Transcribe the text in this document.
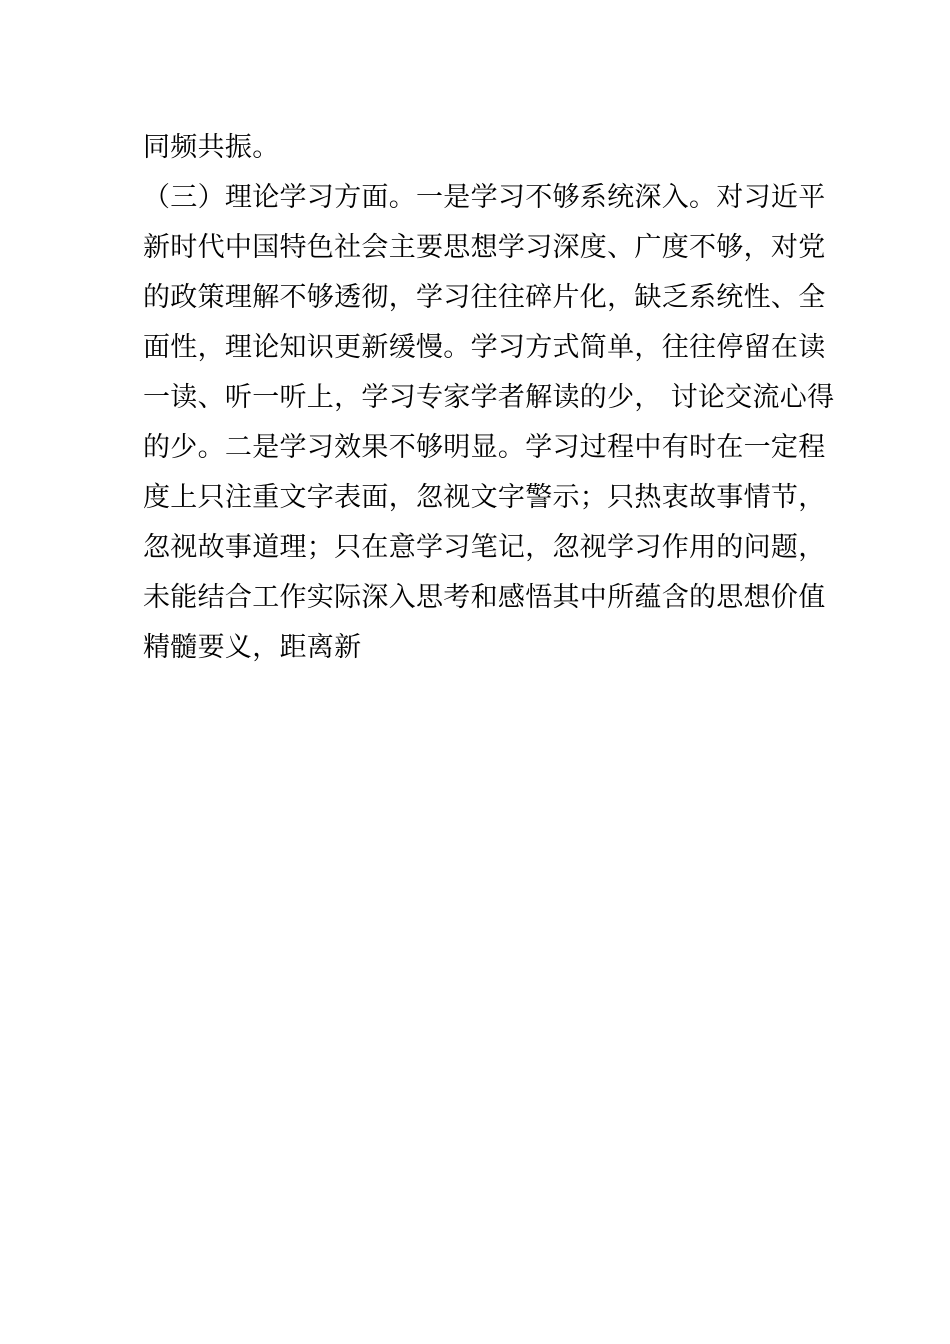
同频共振。
（三）理论学习方面。一是学习不够系统深入。对习近平
新时代中国特色社会主要思想学习深度、广度不够，对党
的政策理解不够透彻，学习往往碎片化，缺乏系统性、全
面性，理论知识更新缓慢。学习方式简单，往往停留在读
一读、听一听上，学习专家学者解读的少， 讨论交流心得
的少。二是学习效果不够明显。学习过程中有时在一定程
度上只注重文字表面，忽视文字警示；只热衷故事情节，
忽视故事道理；只在意学习笔记，忽视学习作用的问题，
未能结合工作实际深入思考和感悟其中所蕴含的思想价值
精髓要义，距离新
